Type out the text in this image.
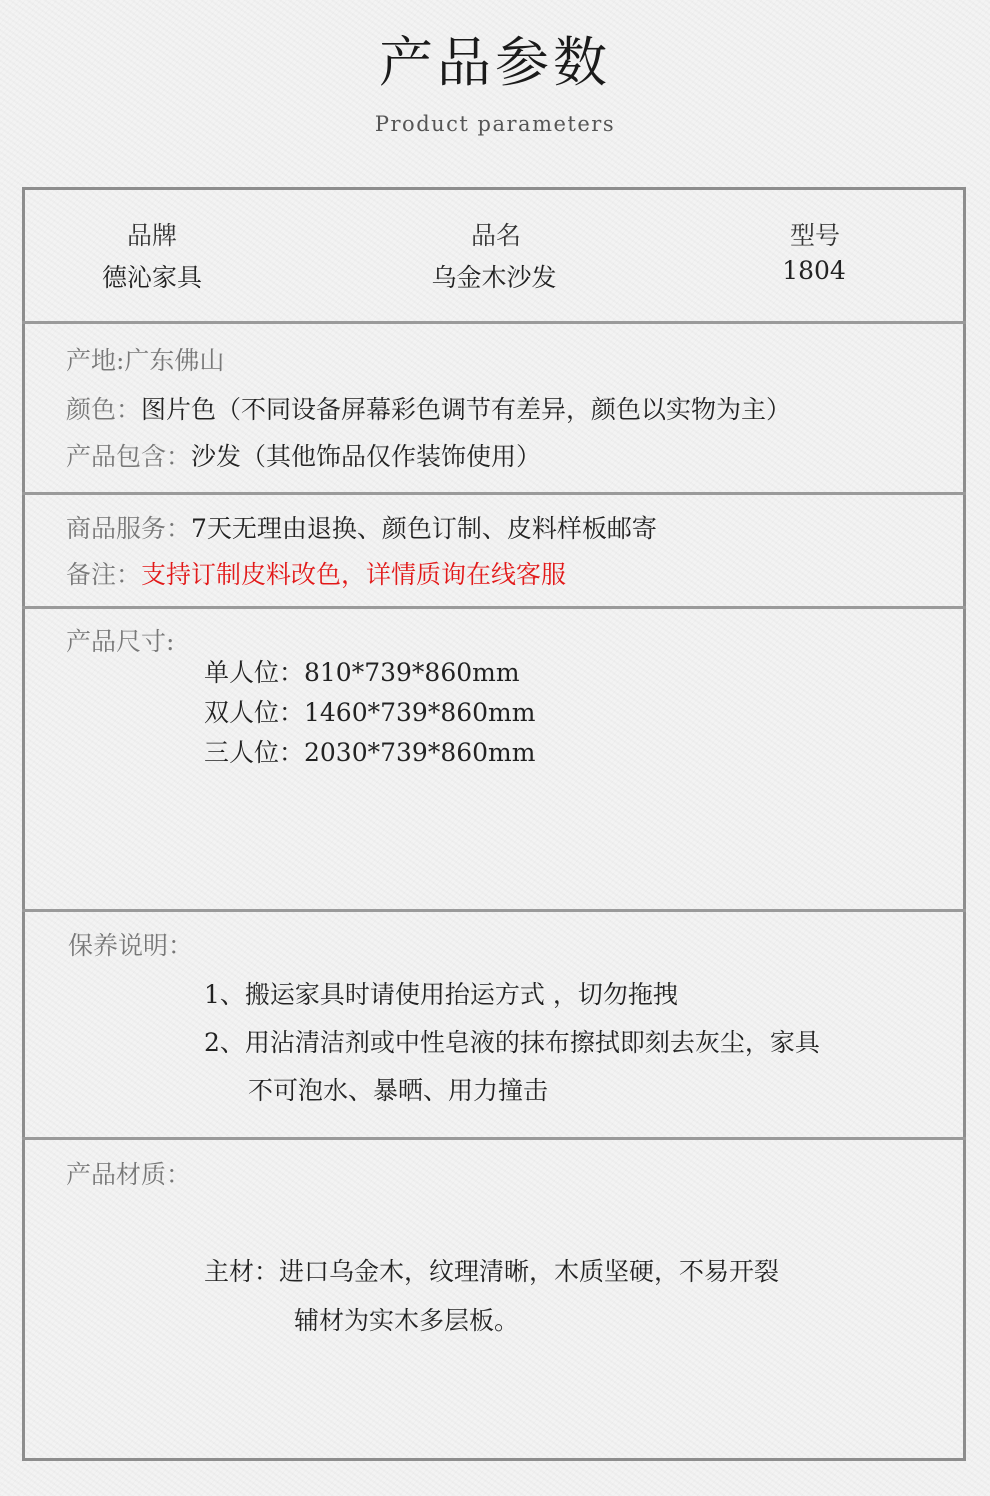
产品参数
Product parameters
品牌
德沁家具
品名
乌金木沙发
型号
1804
产地:广东佛山
颜色：图片色（不同设备屏幕彩色调节有差异，颜色以实物为主）
产品包含：沙发（其他饰品仅作装饰使用）
商品服务：7天无理由退换、颜色订制、皮料样板邮寄
备注：支持订制皮料改色，详情质询在线客服
产品尺寸:
单人位：810*739*860mm
双人位：1460*739*860mm
三人位：2030*739*860mm
保养说明：
1、搬运家具时请使用抬运方式 ，切勿拖拽
2、用沾清洁剂或中性皂液的抹布擦拭即刻去灰尘，家具
不可泡水、暴晒、用力撞击
产品材质：
主材：进口乌金木，纹理清晰，木质坚硬，不易开裂
辅材为实木多层板。
